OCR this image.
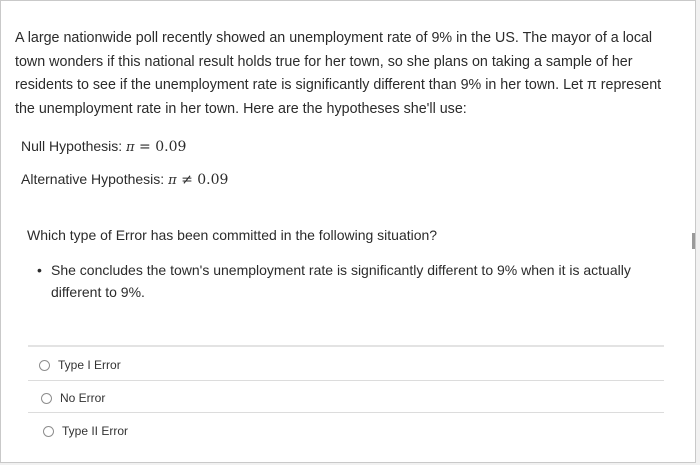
A large nationwide poll recently showed an unemployment rate of 9% in the US. The mayor of a local town wonders if this national result holds true for her town, so she plans on taking a sample of her residents to see if the unemployment rate is significantly different than 9% in her town. Let π represent the unemployment rate in her town. Here are the hypotheses she'll use:
Null Hypothesis: π = 0.09
Alternative Hypothesis: π ≠ 0.09
Which type of Error has been committed in the following situation?
• She concludes the town's unemployment rate is significantly different to 9% when it is actually different to 9%.
Type I Error
No Error
Type II Error
